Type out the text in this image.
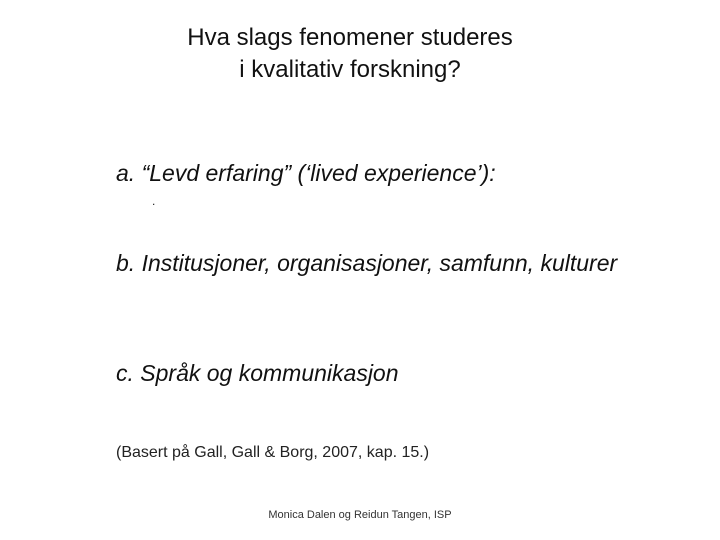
Hva slags fenomener studeres
i kvalitativ forskning?
a. “Levd erfaring” (‘lived experience’):
.
b. Institusjoner, organisasjoner, samfunn, kulturer
c. Språk og kommunikasjon
(Basert på Gall, Gall & Borg, 2007, kap. 15.)
Monica Dalen og Reidun Tangen, ISP
